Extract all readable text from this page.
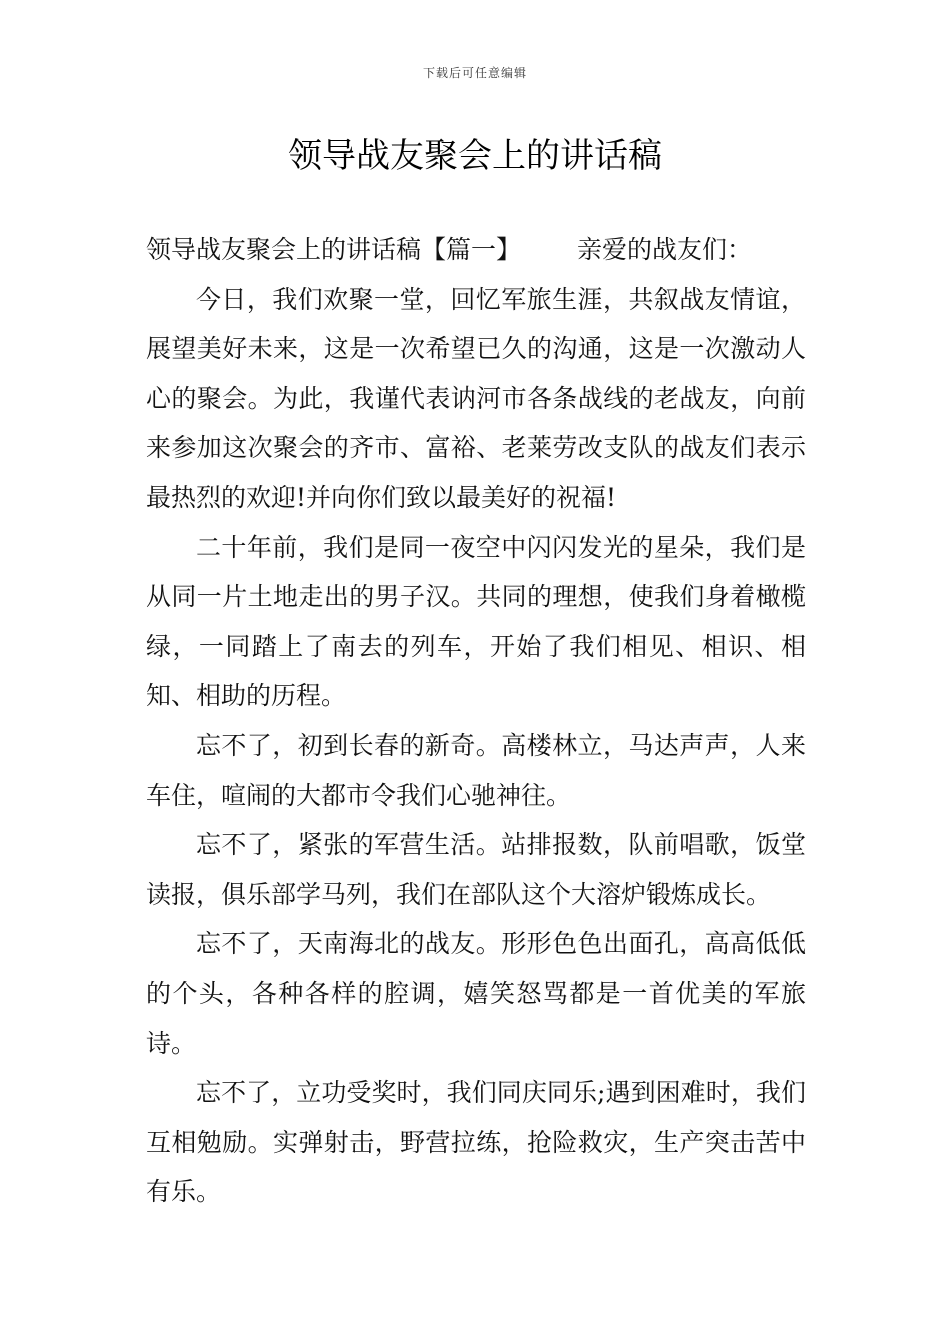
下载后可任意编辑
领导战友聚会上的讲话稿

领导战友聚会上的讲话稿【篇一】 亲爱的战友们：

今日，我们欢聚一堂，回忆军旅生涯，共叙战友情谊，展望美好未来，这是一次希望已久的沟通，这是一次激动人心的聚会。为此，我谨代表讷河市各条战线的老战友，向前来参加这次聚会的齐市、富裕、老莱劳改支队的战友们表示最热烈的欢迎!并向你们致以最美好的祝福!

二十年前，我们是同一夜空中闪闪发光的星朵，我们是从同一片土地走出的男子汉。共同的理想，使我们身着橄榄绿，一同踏上了南去的列车，开始了我们相见、相识、相知、相助的历程。

忘不了，初到长春的新奇。高楼林立，马达声声，人来车住，喧闹的大都市令我们心驰神往。

忘不了，紧张的军营生活。站排报数，队前唱歌，饭堂读报，俱乐部学马列，我们在部队这个大溶炉锻炼成长。

忘不了，天南海北的战友。形形色色出面孔，高高低低的个头，各种各样的腔调，嬉笑怒骂都是一首优美的军旅诗。

忘不了，立功受奖时，我们同庆同乐;遇到困难时，我们互相勉励。实弹射击，野营拉练，抢险救灾，生产突击苦中有乐。
